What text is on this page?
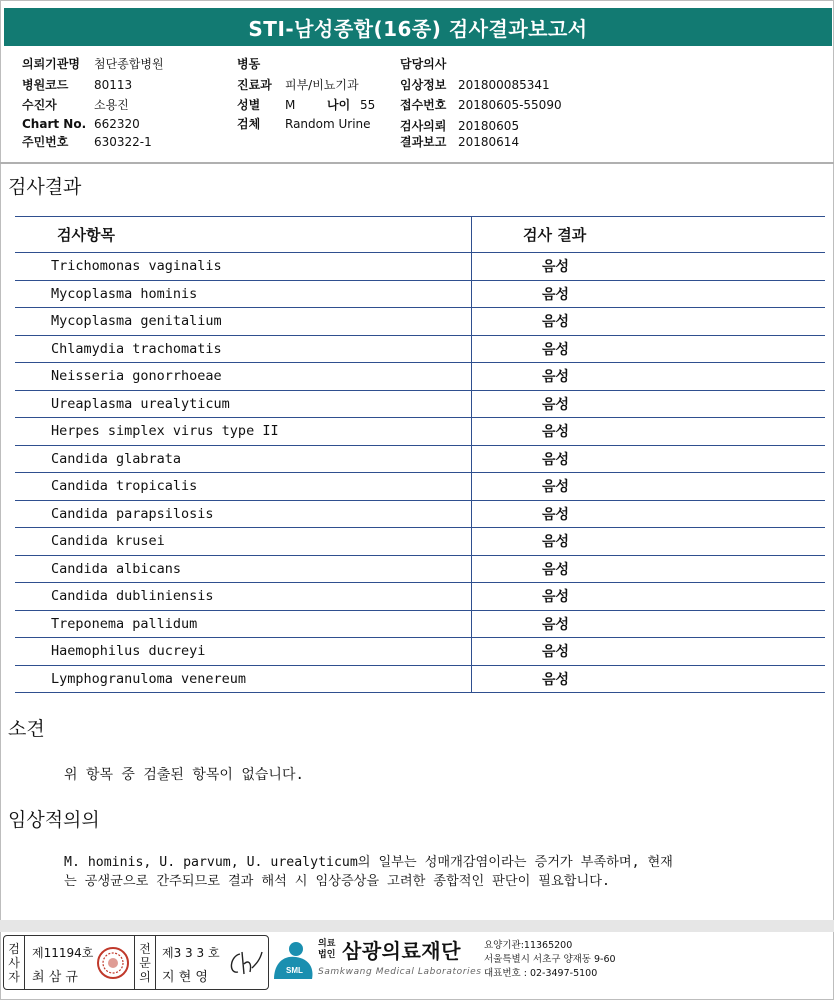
STI-남성종합(16종) 검사결과보고서
의뢰기관명 첨단종합병원
병원코드 80113
수진자	소용진
Chart No. 662320
주민번호 630322-1
병동
진료과 피부/비뇨기과
성별 M	나이 55
검체 Random Urine
담당의사
임상정보 201800085341
접수번호 20180605-55090
검사의뢰 20180605
결과보고 20180614
검사결과
검사항목	검사 결과
Trichomonas vaginalis	음성
Mycoplasma hominis	음성
Mycoplasma genitalium	음성
Chlamydia trachomatis	음성
Neisseria gonorrhoeae	음성
Ureaplasma urealyticum	음성
Herpes simplex virus type II	음성
Candida glabrata	음성
Candida tropicalis	음성
Candida parapsilosis	음성
Candida krusei	음성
Candida albicans	음성
Candida dubliniensis	음성
Treponema pallidum	음성
Haemophilus ducreyi	음성
Lymphogranuloma venereum	음성
소견
위 항목 중 검출된 항목이 없습니다.
임상적의의
M. hominis, U. parvum, U. urealyticum의 일부는 성매개감염이라는 증거가 부족하며, 현재
는 공생균으로 간주되므로 결과 해석 시 임상증상을 고려한 종합적인 판단이 필요합니다.
검
사
자
제11194호
최 삼 규
전
문
의
제3 3 3 호
지 현 영	SML
의료
법인 삼광의료재단
Samkwang Medical Laboratories
요양기관:11365200
서울특별시 서초구 양재동 9-60
대표번호 : 02-3497-5100
